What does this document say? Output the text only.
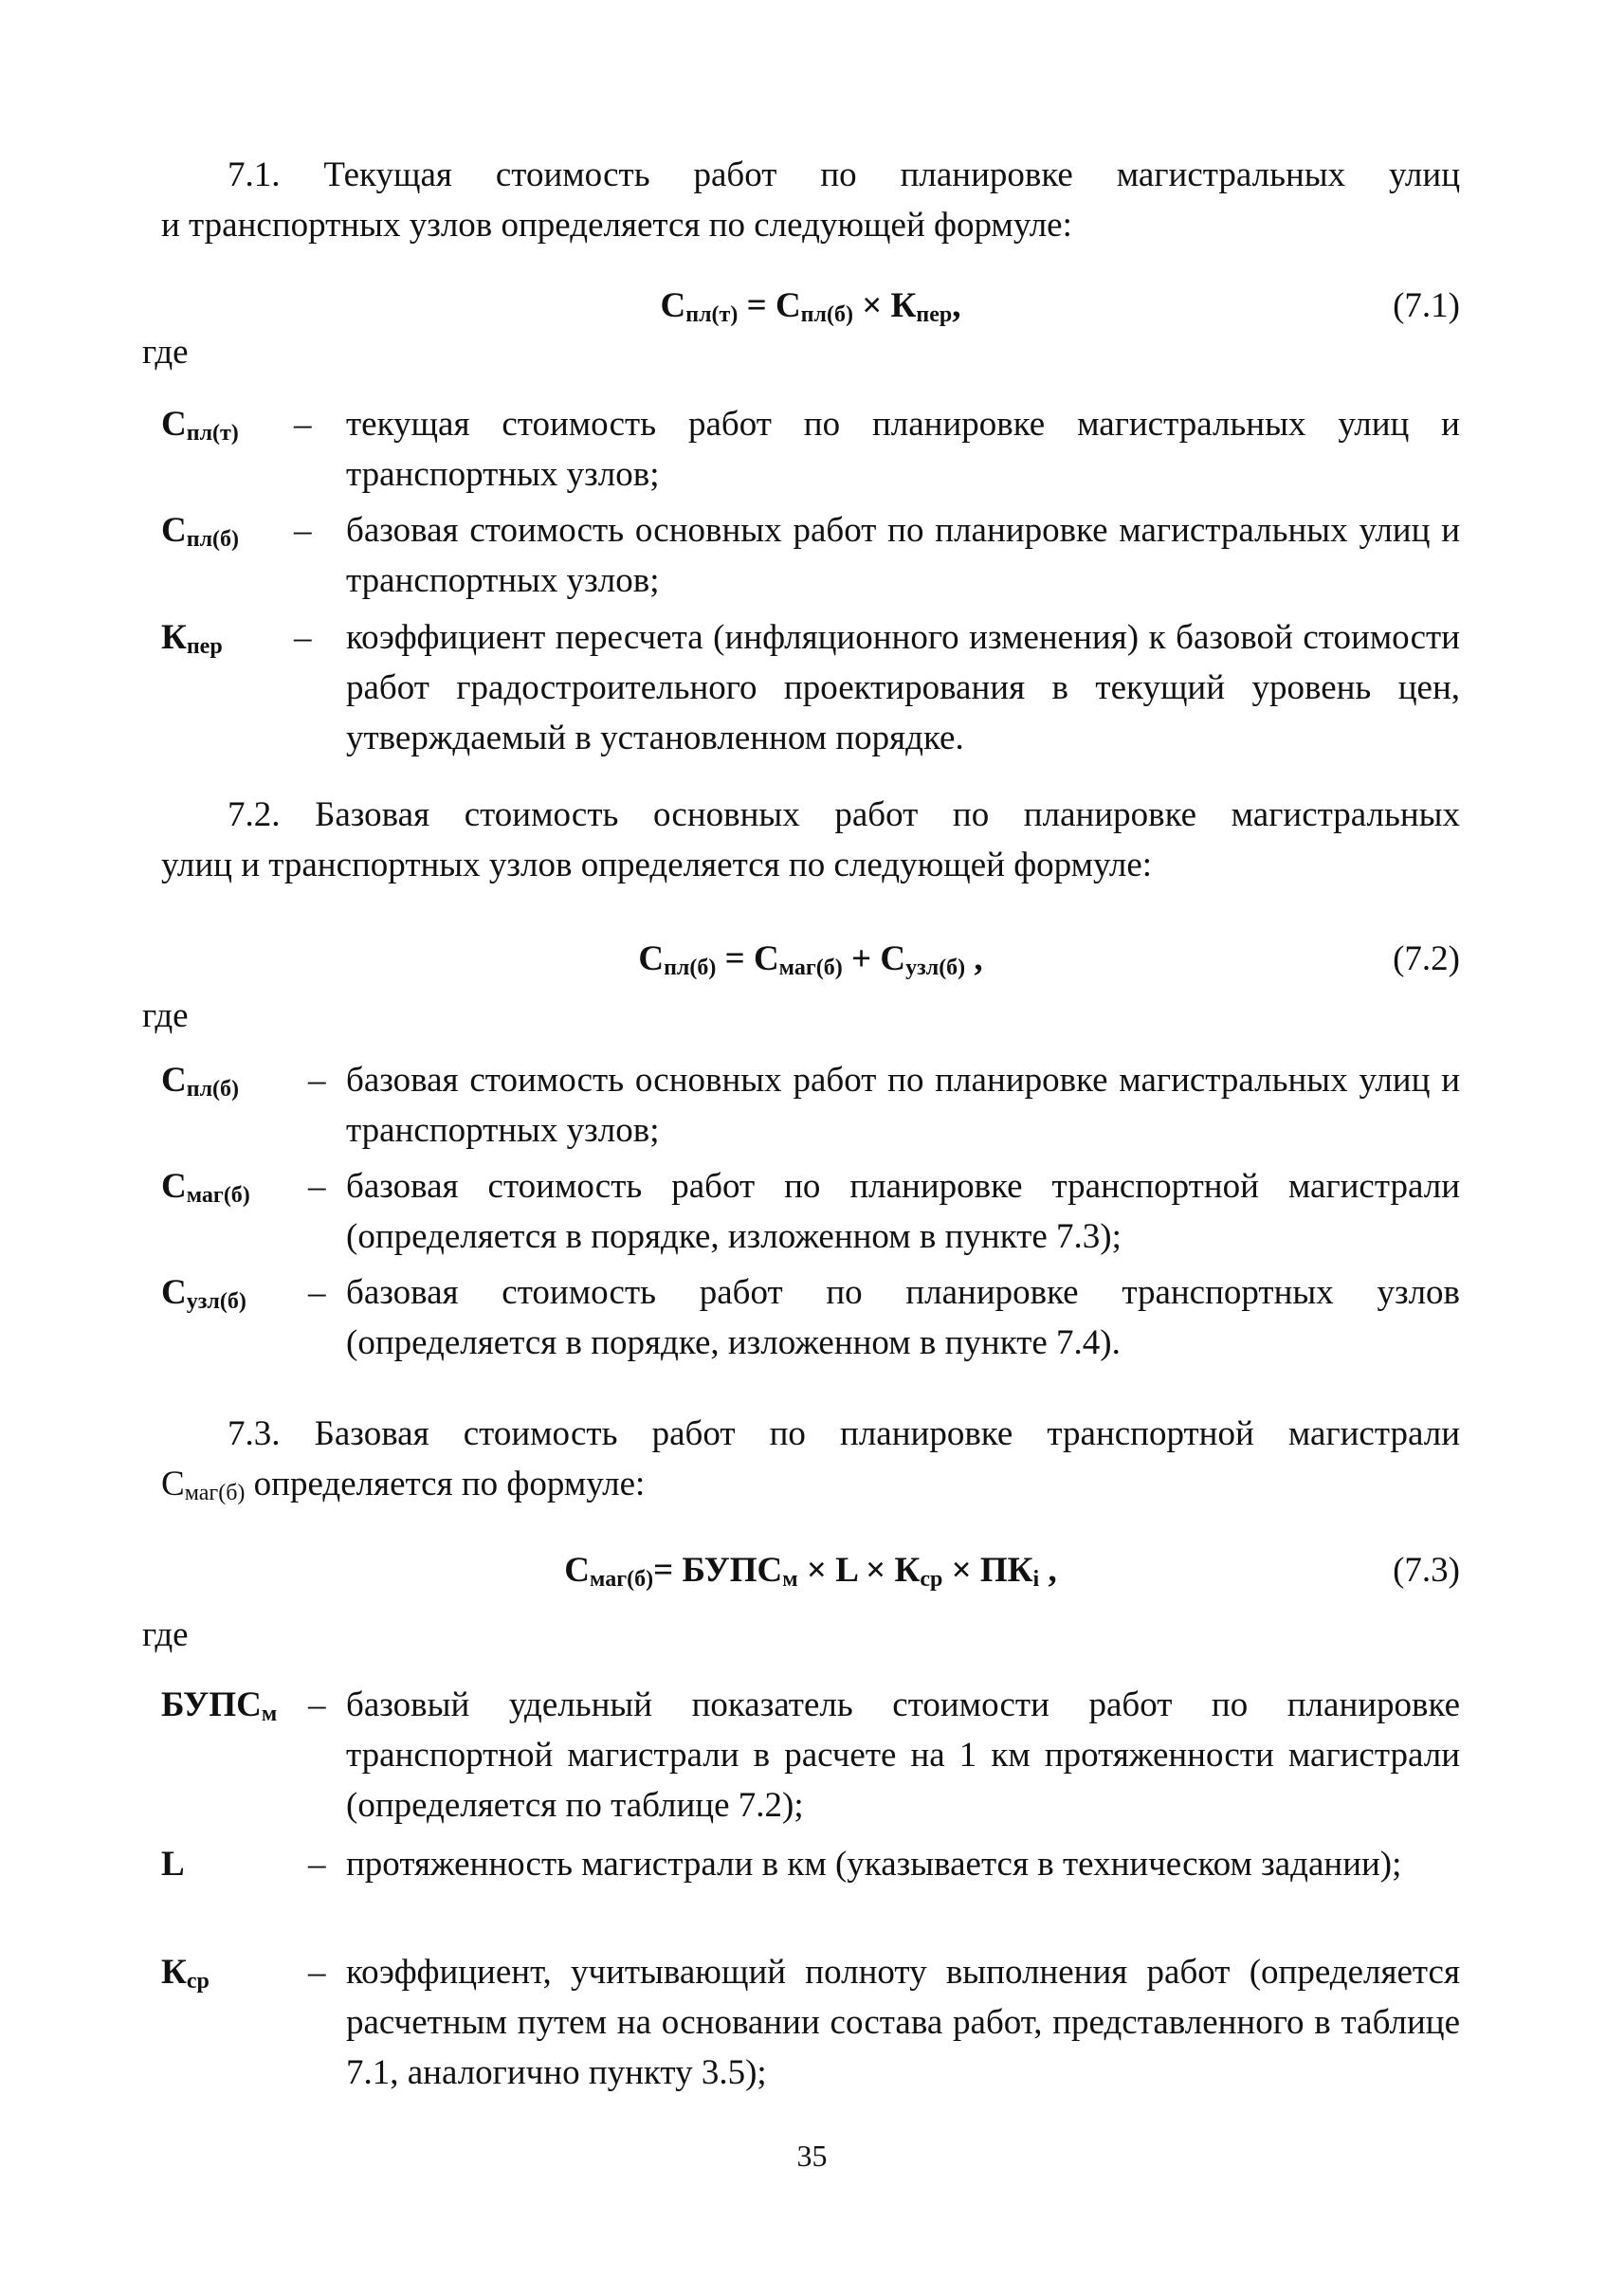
7.1. Текущая стоимость работ по планировке магистральных улиц
и транспортных узлов определяется по следующей формуле:
$С_{пл(т)} = С_{пл(б)} \times К_{пер}$,	(7.1)
где
$С_{пл(т)}$ – текущая стоимость работ по планировке магистральных улиц и транспортных узлов;
$С_{пл(б)}$ – базовая стоимость основных работ по планировке магистральных улиц и транспортных узлов;
$К_{пер}$ – коэффициент пересчета (инфляционного изменения) к базовой стоимости работ градостроительного проектирования в текущий уровень цен, утверждаемый в установленном порядке.
7.2. Базовая стоимость основных работ по планировке магистральных
улиц и транспортных узлов определяется по следующей формуле:
$С_{пл(б)} = С_{маг(б)} + С_{узл(б)}$ ,	(7.2)
где
$С_{пл(б)}$ – базовая стоимость основных работ по планировке магистральных улиц и транспортных узлов;
$С_{маг(б)}$ – базовая стоимость работ по планировке транспортной магистрали (определяется в порядке, изложенном в пункте 7.3);
$С_{узл(б)}$ – базовая стоимость работ по планировке транспортных узлов (определяется в порядке, изложенном в пункте 7.4).
7.3. Базовая стоимость работ по планировке транспортной магистрали
$С_{маг(б)}$ определяется по формуле:
$С_{маг(б)}=$ $БУПС_м \times L \times К_{ср} \times ПК_i$ ,	(7.3)
где
$БУПС_м$ – базовый удельный показатель стоимости работ по планировке транспортной магистрали в расчете на 1 км протяженности магистрали (определяется по таблице 7.2);
L	– протяженность магистрали в км (указывается в техническом задании);
$К_{ср}$	– коэффициент, учитывающий полноту выполнения работ (определяется расчетным путем на основании состава работ, представленного в таблице 7.1, аналогично пункту 3.5);
35
